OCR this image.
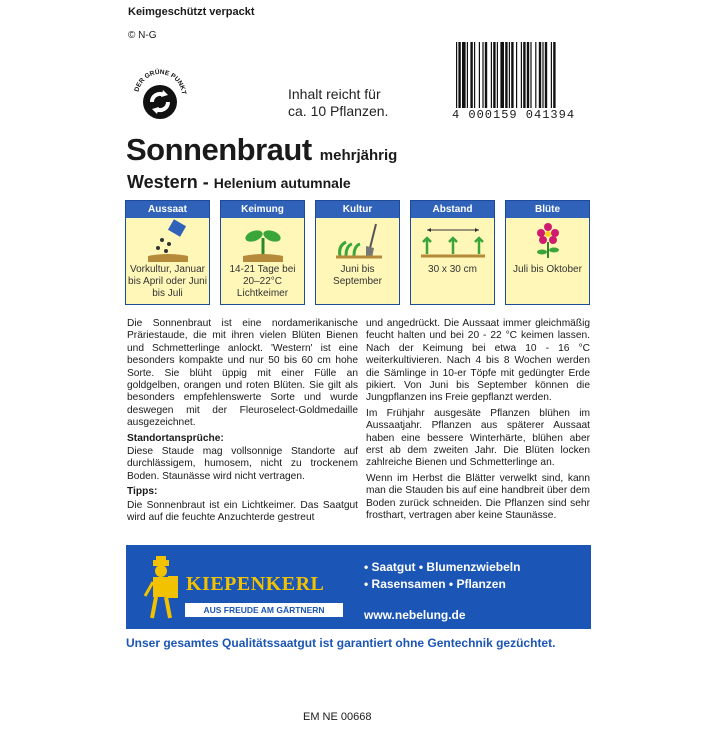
Keimgeschützt verpackt
© N-G
DER GRÜNE PUNKT	Inhalt reicht für
ca. 10 Pflanzen.	4 000159 041394
Sonnenbraut mehrjährig
Western - Helenium autumnale
Aussaat
Vorkultur, Januar bis April oder Juni bis Juli
Keimung
14-21 Tage bei 20–22°C Lichtkeimer
Kultur
Juni bis September
Abstand
30 x 30 cm
Blüte
Juli bis Oktober

Die Sonnenbraut ist eine nordamerikanische Präriestaude, die mit ihren vielen Blüten Bienen und Schmetterlinge anlockt. 'Western' ist eine besonders kompakte und nur 50 bis 60 cm hohe Sorte. Sie blüht üppig mit einer Fülle an goldgelben, orangen und roten Blüten. Sie gilt als besonders empfehlenswerte Sorte und wurde deswegen mit der Fleuroselect-Goldmedaille ausgezeichnet.

Standortansprüche:

Diese Staude mag vollsonnige Standorte auf durchlässigem, humosem, nicht zu trockenem Boden. Staunässe wird nicht vertragen.

Tipps:

Die Sonnenbraut ist ein Lichtkeimer. Das Saatgut wird auf die feuchte Anzuchterde gestreut

und angedrückt. Die Aussaat immer gleichmäßig feucht halten und bei 20 - 22 °C keimen lassen. Nach der Keimung bei etwa 10 - 16 °C weiterkultivieren. Nach 4 bis 8 Wochen werden die Sämlinge in 10-er Töpfe mit gedüngter Erde pikiert. Von Juni bis September können die Jungpflanzen ins Freie gepflanzt werden.

Im Frühjahr ausgesäte Pflanzen blühen im Aussaatjahr. Pflanzen aus späterer Aussaat haben eine bessere Winterhärte, blühen aber erst ab dem zweiten Jahr. Die Blüten locken zahlreiche Bienen und Schmetterlinge an.

Wenn im Herbst die Blätter verwelkt sind, kann man die Stauden bis auf eine handbreit über dem Boden zurück schneiden. Die Pflanzen sind sehr frosthart, vertragen aber keine Staunässe.

KIEPENKERL
AUS FREUDE AM GÄRTNERN
• Saatgut • Blumenzwiebeln
• Rasensamen • Pflanzen
www.nebelung.de
Unser gesamtes Qualitätssaatgut ist garantiert ohne Gentechnik gezüchtet.
EM NE 00668
